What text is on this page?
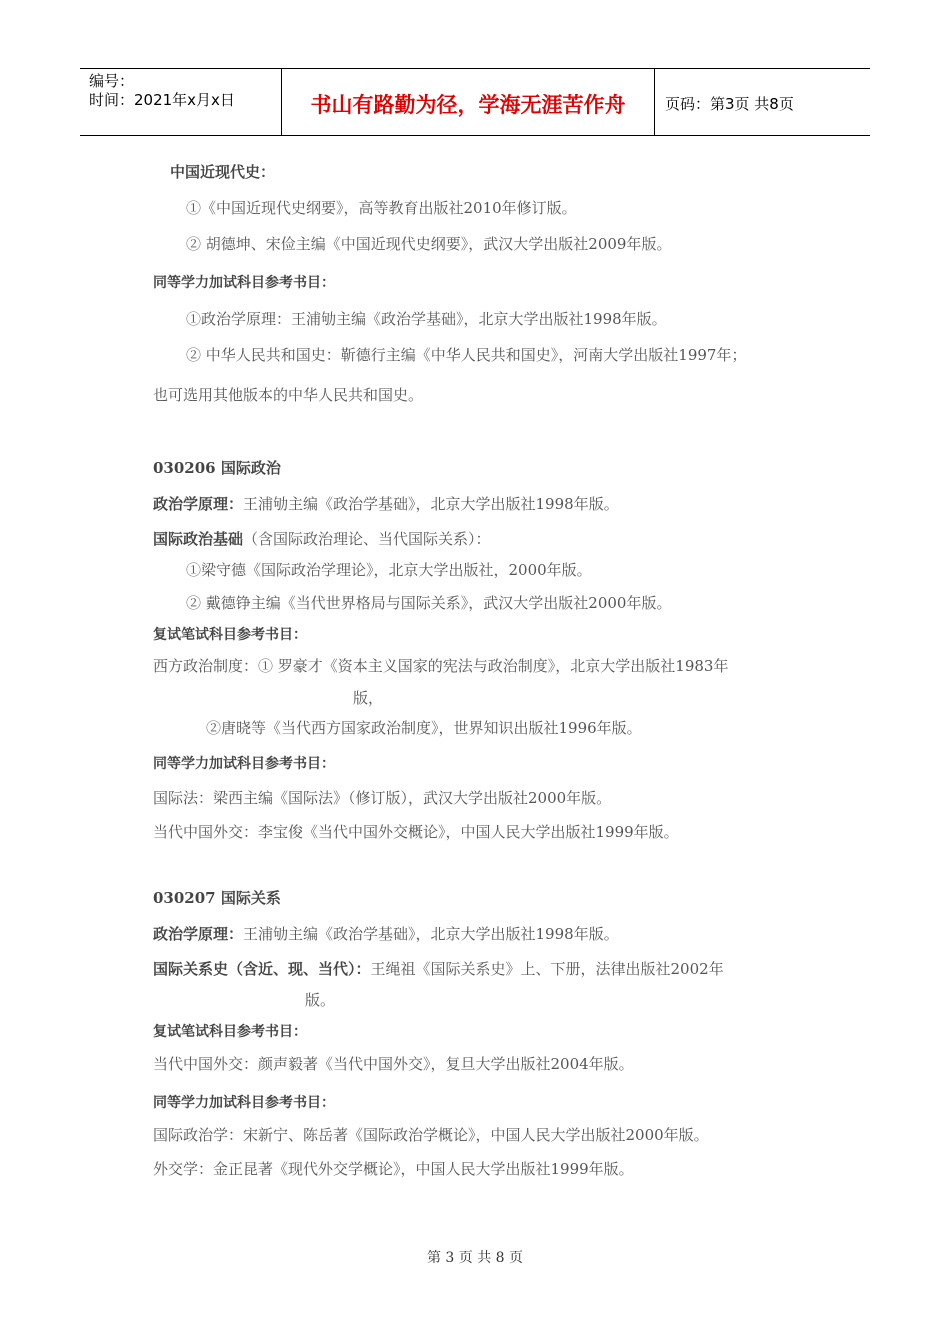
编号：
时间：2021年x月x日	书山有路勤为径，学海无涯苦作舟	页码：第3页 共8页
中国近现代史：
①《中国近现代史纲要》，高等教育出版社2010年修订版。
② 胡德坤、宋俭主编《中国近现代史纲要》，武汉大学出版社2009年版。
同等学力加试科目参考书目：
①政治学原理：王浦劬主编《政治学基础》，北京大学出版社1998年版。
② 中华人民共和国史：靳德行主编《中华人民共和国史》，河南大学出版社1997年；
也可选用其他版本的中华人民共和国史。
030206 国际政治
政治学原理：王浦劬主编《政治学基础》，北京大学出版社1998年版。
国际政治基础（含国际政治理论、当代国际关系）：
①梁守德《国际政治学理论》，北京大学出版社，2000年版。
② 戴德铮主编《当代世界格局与国际关系》，武汉大学出版社2000年版。
复试笔试科目参考书目：
西方政治制度：① 罗豪才《资本主义国家的宪法与政治制度》，北京大学出版社1983年
版，
②唐晓等《当代西方国家政治制度》，世界知识出版社1996年版。
同等学力加试科目参考书目：
国际法：梁西主编《国际法》（修订版），武汉大学出版社2000年版。
当代中国外交：李宝俊《当代中国外交概论》，中国人民大学出版社1999年版。
030207 国际关系
政治学原理：王浦劬主编《政治学基础》，北京大学出版社1998年版。
国际关系史（含近、现、当代）：王绳祖《国际关系史》上、下册，法律出版社2002年
版。
复试笔试科目参考书目：
当代中国外交：颜声毅著《当代中国外交》，复旦大学出版社2004年版。
同等学力加试科目参考书目：
国际政治学：宋新宁、陈岳著《国际政治学概论》，中国人民大学出版社2000年版。
外交学：金正昆著《现代外交学概论》，中国人民大学出版社1999年版。
第 3 页 共 8 页
